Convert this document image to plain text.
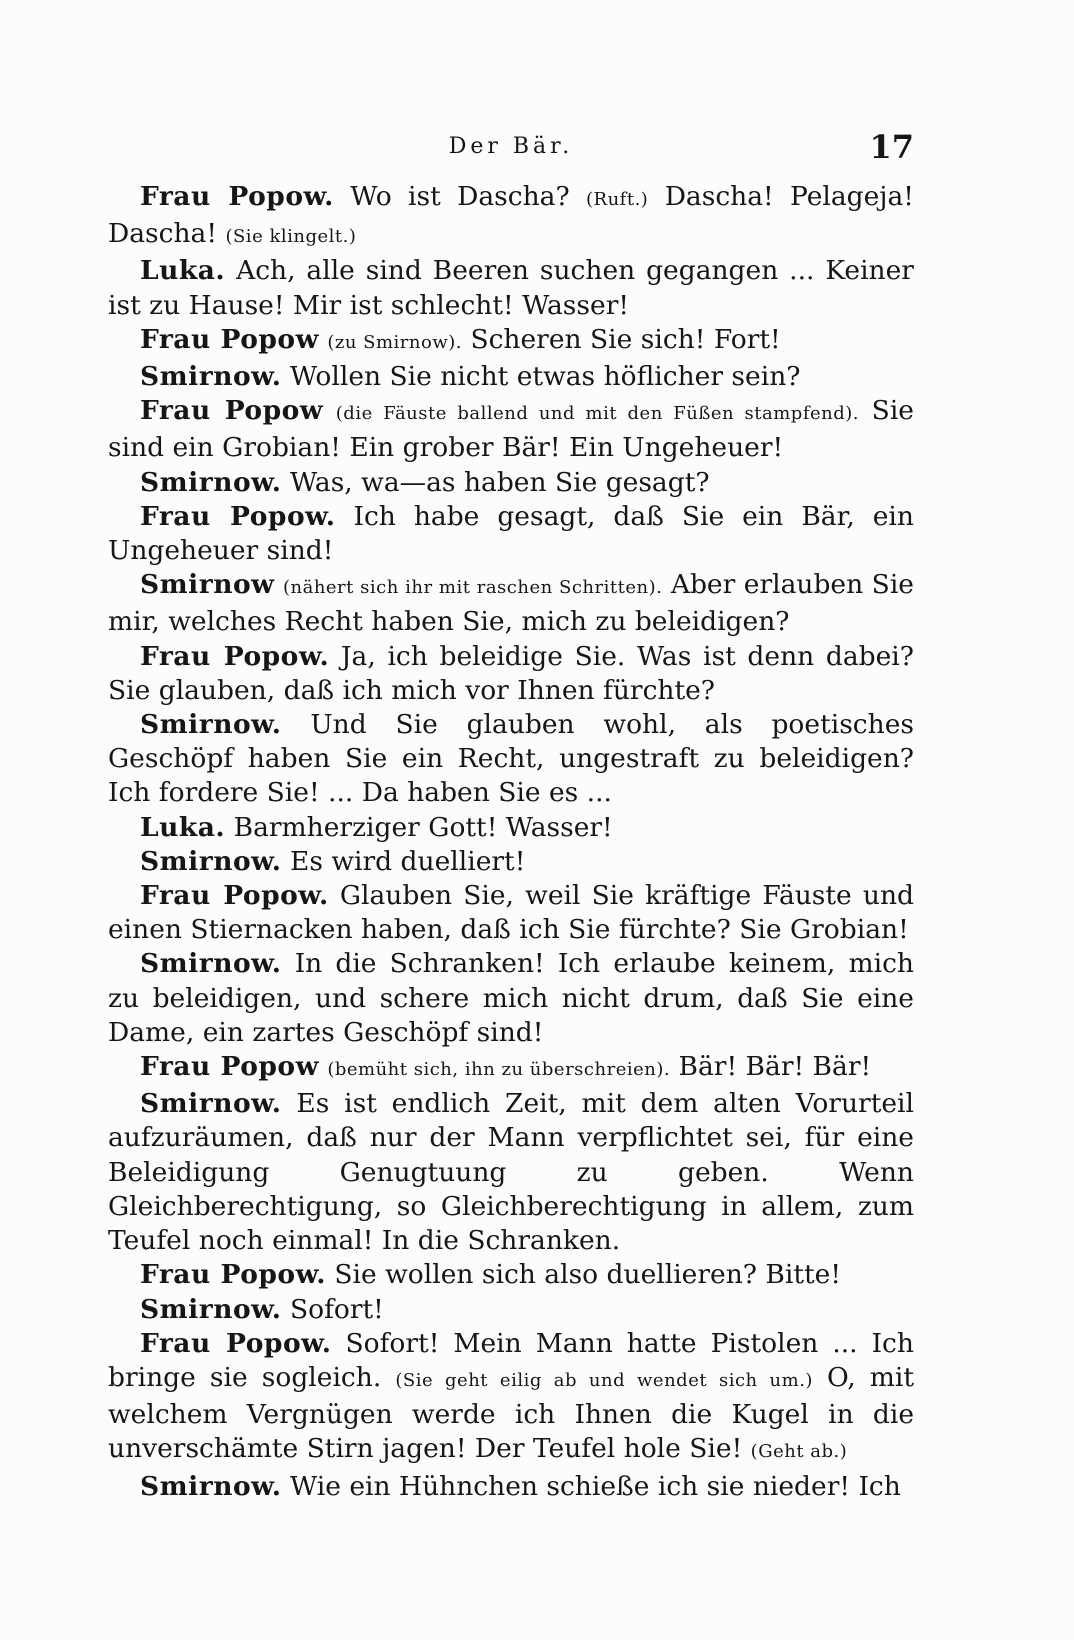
Der Bär.	17

Frau Popow. Wo ist Dascha? (Ruft.) Dascha! Pelageja! Dascha! (Sie klingelt.)

Luka. Ach, alle sind Beeren suchen gegangen ... Keiner ist zu Hause! Mir ist schlecht! Wasser!

Frau Popow (zu Smirnow). Scheren Sie sich! Fort!

Smirnow. Wollen Sie nicht etwas höflicher sein?

Frau Popow (die Fäuste ballend und mit den Füßen stampfend). Sie sind ein Grobian! Ein grober Bär! Ein Ungeheuer!

Smirnow. Was, wa—as haben Sie gesagt?

Frau Popow. Ich habe gesagt, daß Sie ein Bär, ein Ungeheuer sind!

Smirnow (nähert sich ihr mit raschen Schritten). Aber erlauben Sie mir, welches Recht haben Sie, mich zu beleidigen?

Frau Popow. Ja, ich beleidige Sie. Was ist denn dabei? Sie glauben, daß ich mich vor Ihnen fürchte?

Smirnow. Und Sie glauben wohl, als poetisches Geschöpf haben Sie ein Recht, ungestraft zu beleidigen? Ich fordere Sie! ... Da haben Sie es ...

Luka. Barmherziger Gott! Wasser!

Smirnow. Es wird duelliert!

Frau Popow. Glauben Sie, weil Sie kräftige Fäuste und einen Stiernacken haben, daß ich Sie fürchte? Sie Grobian!

Smirnow. In die Schranken! Ich erlaube keinem, mich zu beleidigen, und schere mich nicht drum, daß Sie eine Dame, ein zartes Geschöpf sind!

Frau Popow (bemüht sich, ihn zu überschreien). Bär! Bär! Bär!

Smirnow. Es ist endlich Zeit, mit dem alten Vorurteil aufzuräumen, daß nur der Mann verpflichtet sei, für eine Beleidigung Genugtuung zu geben. Wenn Gleichberechtigung, so Gleichberechtigung in allem, zum Teufel noch einmal! In die Schranken.

Frau Popow. Sie wollen sich also duellieren? Bitte!

Smirnow. Sofort!

Frau Popow. Sofort! Mein Mann hatte Pistolen ... Ich bringe sie sogleich. (Sie geht eilig ab und wendet sich um.) O, mit welchem Vergnügen werde ich Ihnen die Kugel in die unverschämte Stirn jagen! Der Teufel hole Sie! (Geht ab.)

Smirnow. Wie ein Hühnchen schieße ich sie nieder! Ich
